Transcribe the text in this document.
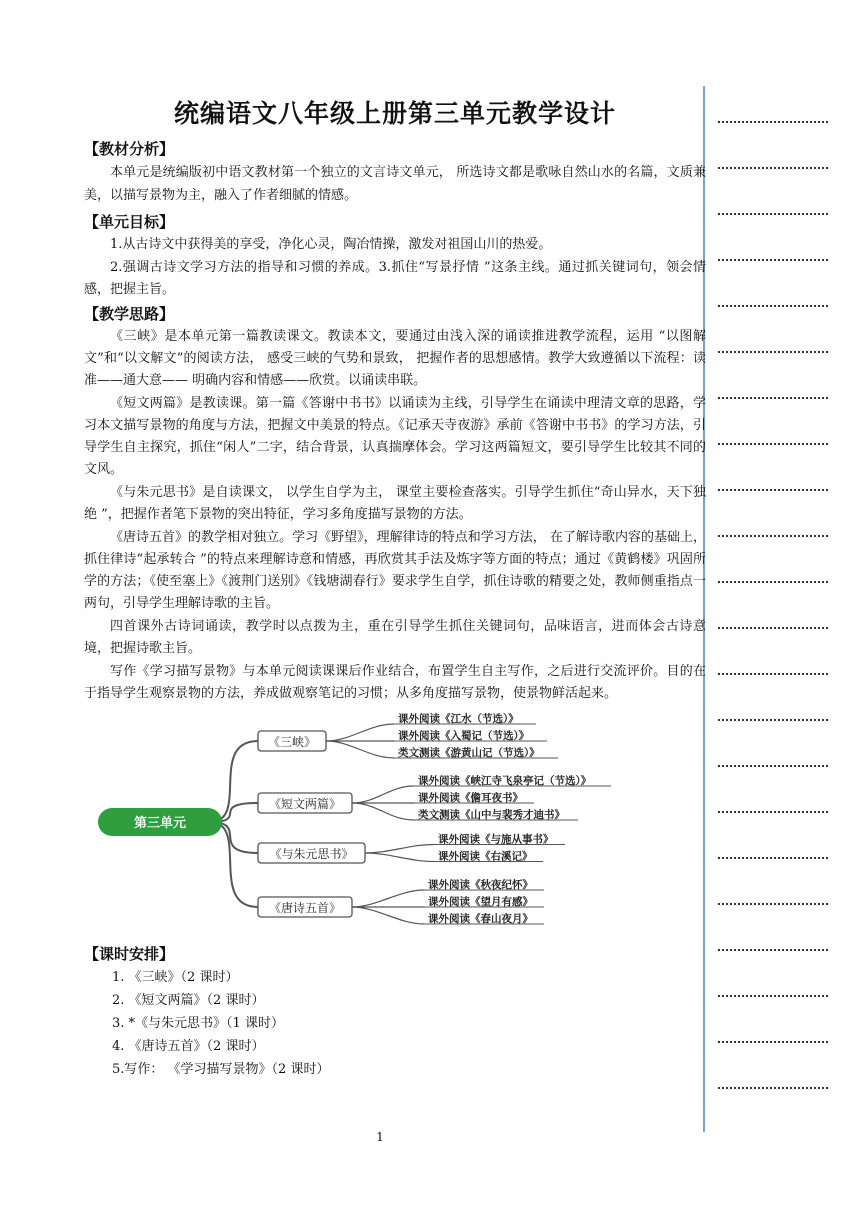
统编语文八年级上册第三单元教学设计
【教材分析】

本单元是统编版初中语文教材第一个独立的文言诗文单元， 所选诗文都是歌咏自然山水的名篇，文质兼美，以描写景物为主，融入了作者细腻的情感。

【单元目标】

1.从古诗文中获得美的享受，净化心灵，陶冶情操，激发对祖国山川的热爱。

2.强调古诗文学习方法的指导和习惯的养成。3.抓住“写景抒情 ”这条主线。通过抓关键词句，领会情感，把握主旨。

【教学思路】

《三峡》是本单元第一篇教读课文。教读本文，要通过由浅入深的诵读推进教学流程，运用 “以图解文”和“以文解文”的阅读方法， 感受三峡的气势和景致， 把握作者的思想感情。教学大致遵循以下流程：读准——通大意—— 明确内容和情感——欣赏。以诵读串联。

《短文两篇》是教读课。第一篇《答谢中书书》以诵读为主线，引导学生在诵读中理清文章的思路，学习本文描写景物的角度与方法，把握文中美景的特点。《记承天寺夜游》承前《答谢中书书》的学习方法，引导学生自主探究，抓住“闲人”二字，结合背景，认真揣摩体会。学习这两篇短文，要引导学生比较其不同的文风。

《与朱元思书》是自读课文， 以学生自学为主， 课堂主要检查落实。引导学生抓住“奇山异水，天下独绝 ”，把握作者笔下景物的突出特征，学习多角度描写景物的方法。

《唐诗五首》的教学相对独立。学习《野望》，理解律诗的特点和学习方法， 在了解诗歌内容的基础上，抓住律诗“起承转合 ”的特点来理解诗意和情感，再欣赏其手法及炼字等方面的特点；通过《黄鹤楼》巩固所学的方法；《使至塞上》《渡荆门送别》《钱塘湖春行》要求学生自学，抓住诗歌的精要之处，教师侧重指点一两句，引导学生理解诗歌的主旨。

四首课外古诗词诵读，教学时以点拨为主，重在引导学生抓住关键词句，品味语言，进而体会古诗意境，把握诗歌主旨。

写作《学习描写景物》与本单元阅读课课后作业结合，布置学生自主写作，之后进行交流评价。目的在于指导学生观察景物的方法，养成做观察笔记的习惯；从多角度描写景物，使景物鲜活起来。

《三峡》
课外阅读《江水（节选）》
课外阅读《入蜀记（节选）》
类文测读《游黄山记（节选）》
《短文两篇》
课外阅读《峡江寺飞泉亭记（节选）》
课外阅读《儋耳夜书》
类文测读《山中与裴秀才迪书》
《与朱元思书》
课外阅读《与施从事书》
课外阅读《右溪记》
《唐诗五首》
课外阅读《秋夜纪怀》
课外阅读《望月有感》
课外阅读《春山夜月》
第三单元
【课时安排】
1. 《三峡》（2 课时）
2. 《短文两篇》（2 课时）
3. *《与朱元思书》（1 课时）
4. 《唐诗五首》（2 课时）
5.写作： 《学习描写景物》（2 课时）
1
